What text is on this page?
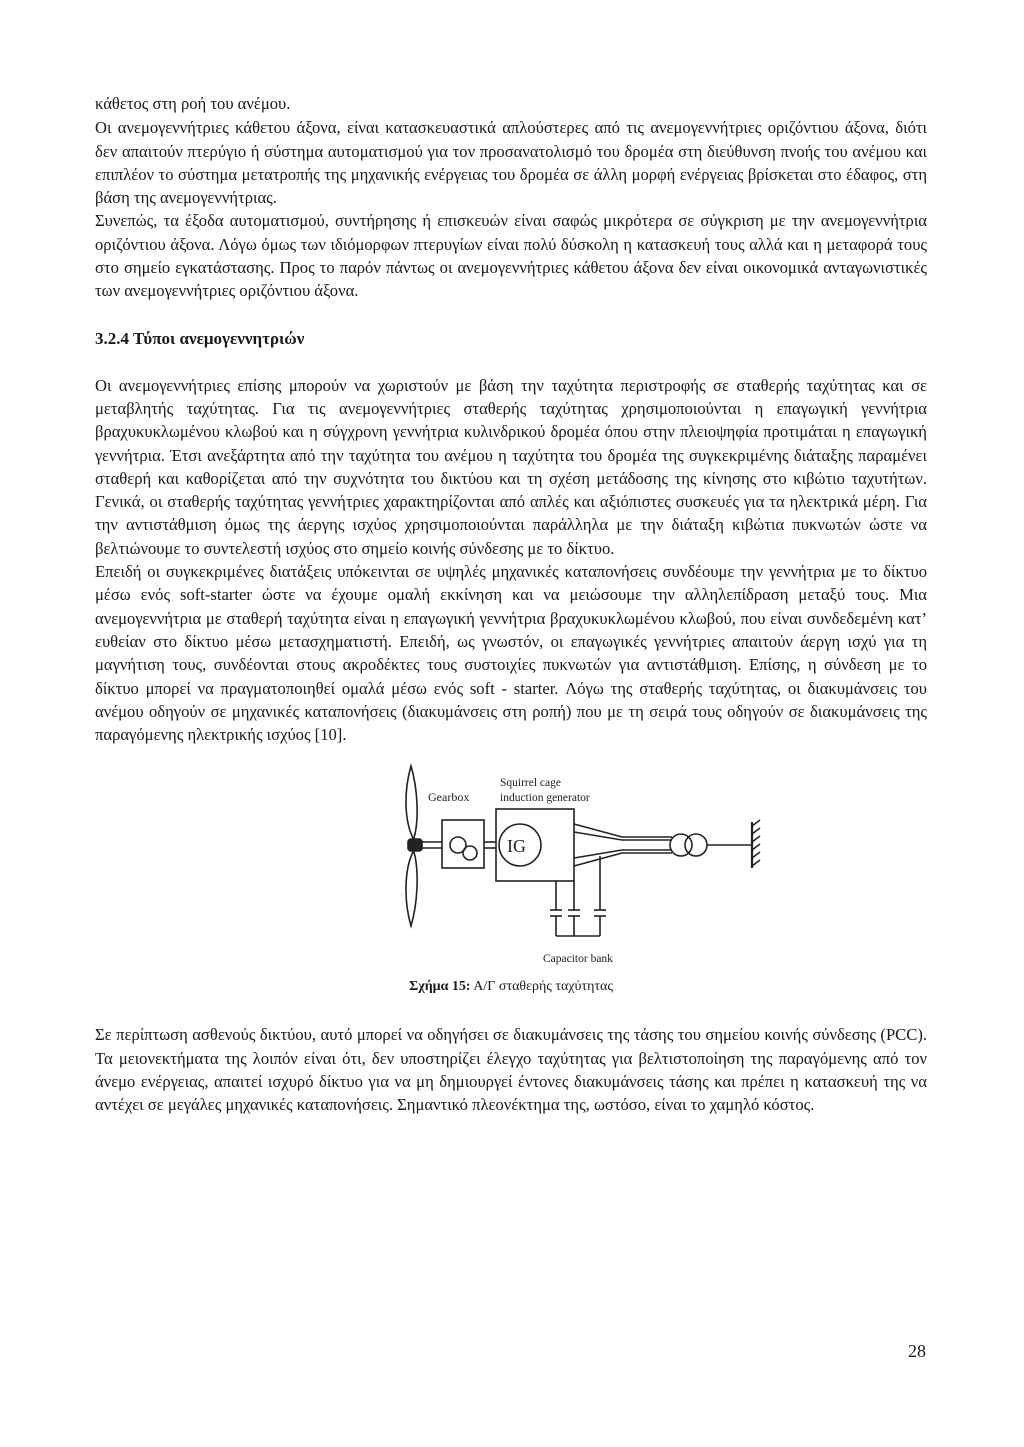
κάθετος στη ροή του ανέμου.

Οι ανεμογεννήτριες κάθετου άξονα, είναι κατασκευαστικά απλούστερες από τις ανεμογεννήτριες οριζόντιου άξονα, διότι δεν απαιτούν πτερύγιο ή σύστημα αυτοματισμού για τον προσανατολισμό του δρομέα στη διεύθυνση πνοής του ανέμου και επιπλέον το σύστημα μετατροπής της μηχανικής ενέργειας του δρομέα σε άλλη μορφή ενέργειας βρίσκεται στο έδαφος, στη βάση της ανεμογεννήτριας.

Συνεπώς, τα έξοδα αυτοματισμού, συντήρησης ή επισκευών είναι σαφώς μικρότερα σε σύγκριση με την ανεμογεννήτρια οριζόντιου άξονα. Λόγω όμως των ιδιόμορφων πτερυγίων είναι πολύ δύσκολη η κατασκευή τους αλλά και η μεταφορά τους στο σημείο εγκατάστασης. Προς το παρόν πάντως οι ανεμογεννήτριες κάθετου άξονα δεν είναι οικονομικά ανταγωνιστικές των ανεμογεννήτριες οριζόντιου άξονα.

3.2.4 Τύποι ανεμογεννητριών

Οι ανεμογεννήτριες επίσης μπορούν να χωριστούν με βάση την ταχύτητα περιστροφής σε σταθερής ταχύτητας και σε μεταβλητής ταχύτητας. Για τις ανεμογεννήτριες σταθερής ταχύτητας χρησιμοποιούνται η επαγωγική γεννήτρια βραχυκυκλωμένου κλωβού και η σύγχρονη γεννήτρια κυλινδρικού δρομέα όπου στην πλειοψηφία προτιμάται η επαγωγική γεννήτρια. Έτσι ανεξάρτητα από την ταχύτητα του ανέμου η ταχύτητα του δρομέα της συγκεκριμένης διάταξης παραμένει σταθερή και καθορίζεται από την συχνότητα του δικτύου και τη σχέση μετάδοσης της κίνησης στο κιβώτιο ταχυτήτων. Γενικά, οι σταθερής ταχύτητας γεννήτριες χαρακτηρίζονται από απλές και αξιόπιστες συσκευές για τα ηλεκτρικά μέρη. Για την αντιστάθμιση όμως της άεργης ισχύος χρησιμοποιούνται παράλληλα με την διάταξη κιβώτια πυκνωτών ώστε να βελτιώνουμε το συντελεστή ισχύος στο σημείο κοινής σύνδεσης με το δίκτυο.

Επειδή οι συγκεκριμένες διατάξεις υπόκεινται σε υψηλές μηχανικές καταπονήσεις συνδέουμε την γεννήτρια με το δίκτυο μέσω ενός soft-starter ώστε να έχουμε ομαλή εκκίνηση και να μειώσουμε την αλληλεπίδραση μεταξύ τους. Μια ανεμογεννήτρια με σταθερή ταχύτητα είναι η επαγωγική γεννήτρια βραχυκυκλωμένου κλωβού, που είναι συνδεδεμένη κατ’ ευθείαν στο δίκτυο μέσω μετασχηματιστή. Επειδή, ως γνωστόν, οι επαγωγικές γεννήτριες απαιτούν άεργη ισχύ για τη μαγνήτιση τους, συνδέονται στους ακροδέκτες τους συστοιχίες πυκνωτών για αντιστάθμιση. Επίσης, η σύνδεση με το δίκτυο μπορεί να πραγματοποιηθεί ομαλά μέσω ενός soft - starter. Λόγω της σταθερής ταχύτητας, οι διακυμάνσεις του ανέμου οδηγούν σε μηχανικές καταπονήσεις (διακυμάνσεις στη ροπή) που με τη σειρά τους οδηγούν σε διακυμάνσεις της παραγόμενης ηλεκτρικής ισχύος [10].

Gearbox
Squirrel cage
induction generator
IG
Capacitor bank
Σχήμα 15: Α/Γ σταθερής ταχύτητας

Σε περίπτωση ασθενούς δικτύου, αυτό μπορεί να οδηγήσει σε διακυμάνσεις της τάσης του σημείου κοινής σύνδεσης (PCC). Τα μειονεκτήματα της λοιπόν είναι ότι, δεν υποστηρίζει έλεγχο ταχύτητας για βελτιστοποίηση της παραγόμενης από τον άνεμο ενέργειας, απαιτεί ισχυρό δίκτυο για να μη δημιουργεί έντονες διακυμάνσεις τάσης και πρέπει η κατασκευή της να αντέχει σε μεγάλες μηχανικές καταπονήσεις. Σημαντικό πλεονέκτημα της, ωστόσο, είναι το χαμηλό κόστος.

28
